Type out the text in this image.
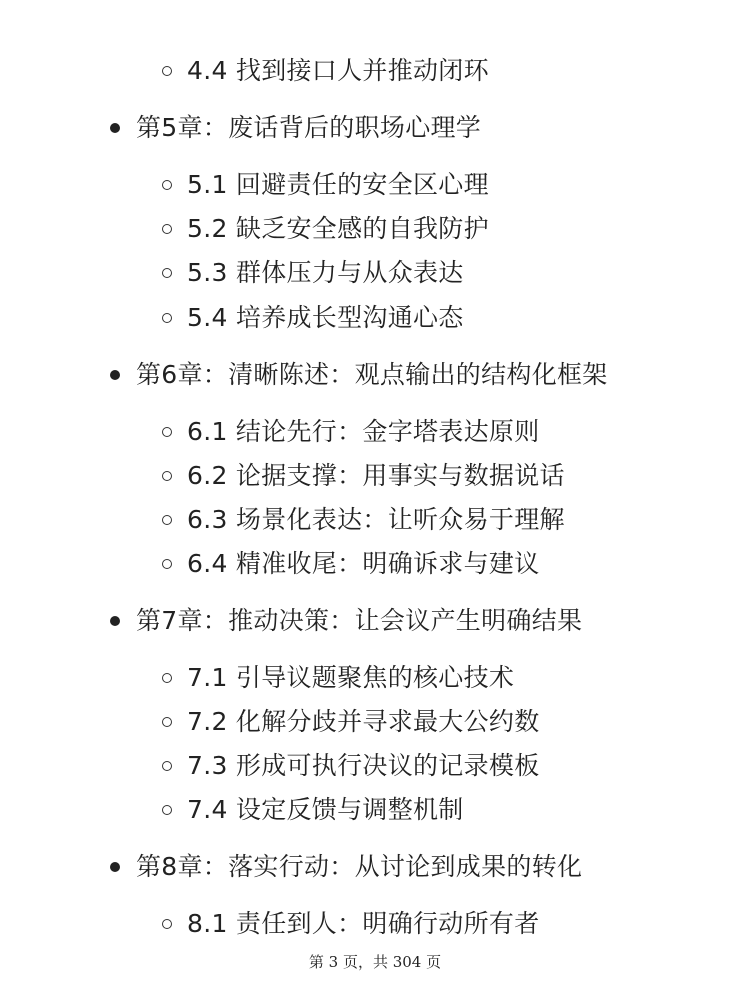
4.4 找到接口人并推动闭环
第5章：废话背后的职场心理学
5.1 回避责任的安全区心理
5.2 缺乏安全感的自我防护
5.3 群体压力与从众表达
5.4 培养成长型沟通心态
第6章：清晰陈述：观点输出的结构化框架
6.1 结论先行：金字塔表达原则
6.2 论据支撑：用事实与数据说话
6.3 场景化表达：让听众易于理解
6.4 精准收尾：明确诉求与建议
第7章：推动决策：让会议产生明确结果
7.1 引导议题聚焦的核心技术
7.2 化解分歧并寻求最大公约数
7.3 形成可执行决议的记录模板
7.4 设定反馈与调整机制
第8章：落实行动：从讨论到成果的转化
8.1 责任到人：明确行动所有者
第 3 页，共 304 页
